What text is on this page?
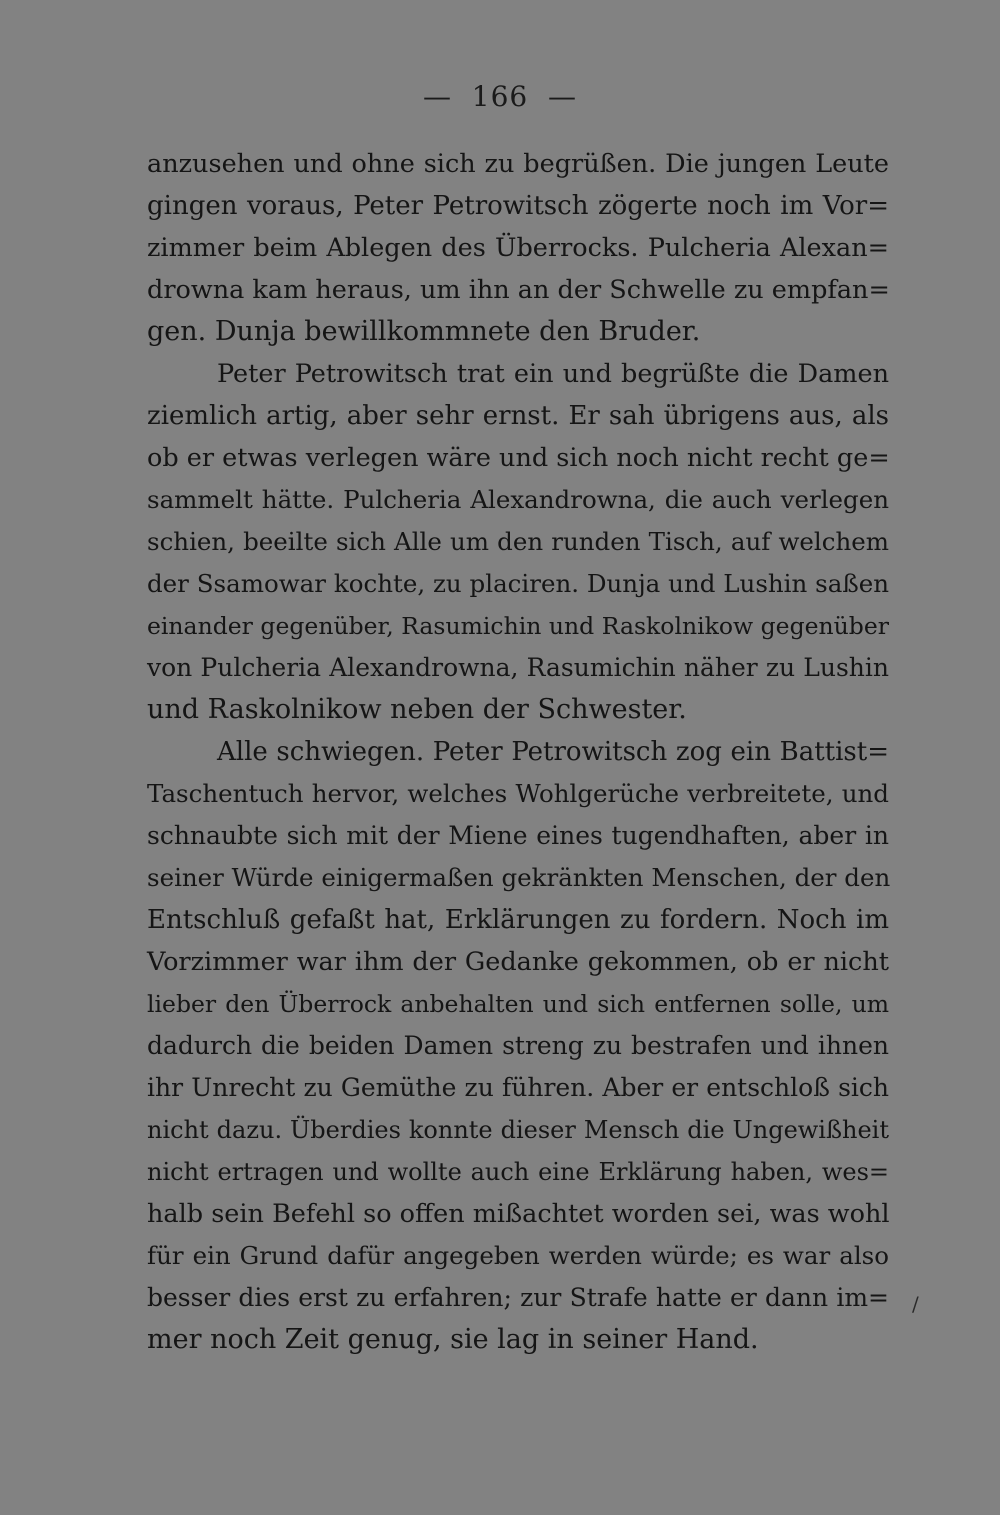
—  166  —
anzusehen und ohne sich zu begrüßen. Die jungen Leute
gingen voraus, Peter Petrowitsch zögerte noch im Vor=
zimmer beim Ablegen des Überrocks. Pulcheria Alexan=
drowna kam heraus, um ihn an der Schwelle zu empfan=
gen. Dunja bewillkommnete den Bruder.
Peter Petrowitsch trat ein und begrüßte die Damen
ziemlich artig, aber sehr ernst. Er sah übrigens aus, als
ob er etwas verlegen wäre und sich noch nicht recht ge=
sammelt hätte. Pulcheria Alexandrowna, die auch verlegen
schien, beeilte sich Alle um den runden Tisch, auf welchem
der Ssamowar kochte, zu placiren. Dunja und Lushin saßen
einander gegenüber, Rasumichin und Raskolnikow gegenüber
von Pulcheria Alexandrowna, Rasumichin näher zu Lushin
und Raskolnikow neben der Schwester.
Alle schwiegen. Peter Petrowitsch zog ein Battist=
Taschentuch hervor, welches Wohlgerüche verbreitete, und
schnaubte sich mit der Miene eines tugendhaften, aber in
seiner Würde einigermaßen gekränkten Menschen, der den
Entschluß gefaßt hat, Erklärungen zu fordern. Noch im
Vorzimmer war ihm der Gedanke gekommen, ob er nicht
lieber den Überrock anbehalten und sich entfernen solle, um
dadurch die beiden Damen streng zu bestrafen und ihnen
ihr Unrecht zu Gemüthe zu führen. Aber er entschloß sich
nicht dazu. Überdies konnte dieser Mensch die Ungewißheit
nicht ertragen und wollte auch eine Erklärung haben, wes=
halb sein Befehl so offen mißachtet worden sei, was wohl
für ein Grund dafür angegeben werden würde; es war also
besser dies erst zu erfahren; zur Strafe hatte er dann im=
mer noch Zeit genug, sie lag in seiner Hand.
/
